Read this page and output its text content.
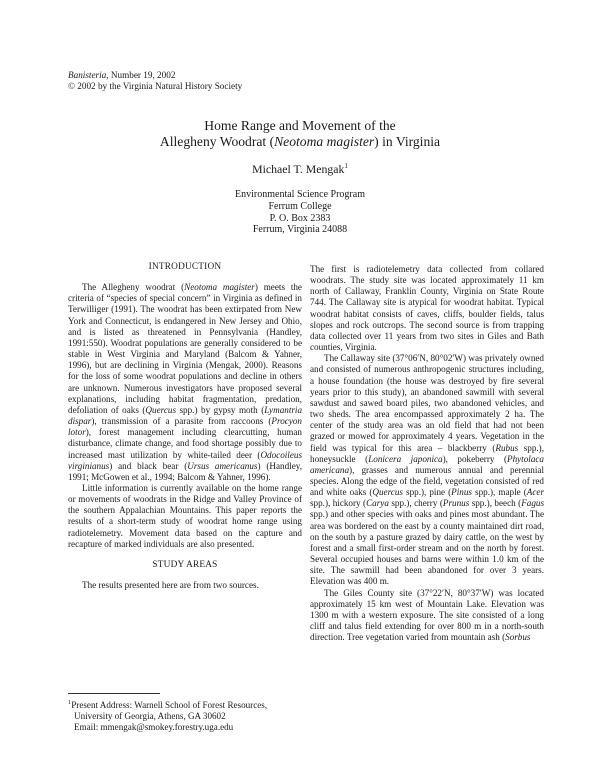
Banisteria, Number 19, 2002
© 2002 by the Virginia Natural History Society
Home Range and Movement of the
Allegheny Woodrat (Neotoma magister) in Virginia
Michael T. Mengak$^1$
Environmental Science Program
Ferrum College
P. O. Box 2383
Ferrum, Virginia 24088
INTRODUCTION

The Allegheny woodrat (Neotoma magister) meets the criteria of “species of special concern” in Virginia as defined in Terwilliger (1991). The woodrat has been extirpated from New York and Connecticut, is endangered in New Jersey and Ohio, and is listed as threatened in Pennsylvania (Handley, 1991:550). Woodrat populations are generally considered to be stable in West Virginia and Maryland (Balcom & Yahner, 1996), but are declining in Virginia (Mengak, 2000). Reasons for the loss of some woodrat populations and decline in others are unknown. Numerous investigators have proposed several explanations, including habitat fragmentation, predation, defoliation of oaks (Quercus spp.) by gypsy moth (Lymantria dispar), transmission of a parasite from raccoons (Procyon lotor), forest management including clearcutting, human disturbance, climate change, and food shortage possibly due to increased mast utilization by white-tailed deer (Odocoileus virginianus) and black bear (Ursus americanus) (Handley, 1991; McGowen et al., 1994; Balcom & Yahner, 1996).

Little information is currently available on the home range or movements of woodrats in the Ridge and Valley Province of the southern Appalachian Mountains. This paper reports the results of a short-term study of woodrat home range using radiotelemetry. Movement data based on the capture and recapture of marked individuals are also presented.

STUDY AREAS

The results presented here are from two sources.

$^1$Present Address: Warnell School of Forest Resources,
University of Georgia, Athens, GA 30602
Email: mmengak@smokey.forestry.uga.edu

The first is radiotelemetry data collected from collared woodrats. The study site was located approximately 11 km north of Callaway, Franklin County, Virginia on State Route 744. The Callaway site is atypical for woodrat habitat. Typical woodrat habitat consists of caves, cliffs, boulder fields, talus slopes and rock outcrops. The second source is from trapping data collected over 11 years from two sites in Giles and Bath counties, Virginia.

The Callaway site (37°06′N, 80°02′W) was privately owned and consisted of numerous anthropogenic structures including, a house foundation (the house was destroyed by fire several years prior to this study), an abandoned sawmill with several sawdust and sawed board piles, two abandoned vehicles, and two sheds. The area encompassed approximately 2 ha. The center of the study area was an old field that had not been grazed or mowed for approximately 4 years. Vegetation in the field was typical for this area – blackberry (Rubus spp.), honeysuckle (Lonicera japonica), pokeberry (Phytolaca americana), grasses and numerous annual and perennial species. Along the edge of the field, vegetation consisted of red and white oaks (Quercus spp.), pine (Pinus spp.), maple (Acer spp.), hickory (Carya spp.), cherry (Prunus spp.), beech (Fagus spp.) and other species with oaks and pines most abundant. The area was bordered on the east by a county maintained dirt road, on the south by a pasture grazed by dairy cattle, on the west by forest and a small first-order stream and on the north by forest. Several occupied houses and barns were within 1.0 km of the site. The sawmill had been abandoned for over 3 years. Elevation was 400 m.

The Giles County site (37°22′N, 80°37′W) was located approximately 15 km west of Mountain Lake. Elevation was 1300 m with a western exposure. The site consisted of a long cliff and talus field extending for over 800 m in a north-south direction. Tree vegetation varied from mountain ash (Sorbus
